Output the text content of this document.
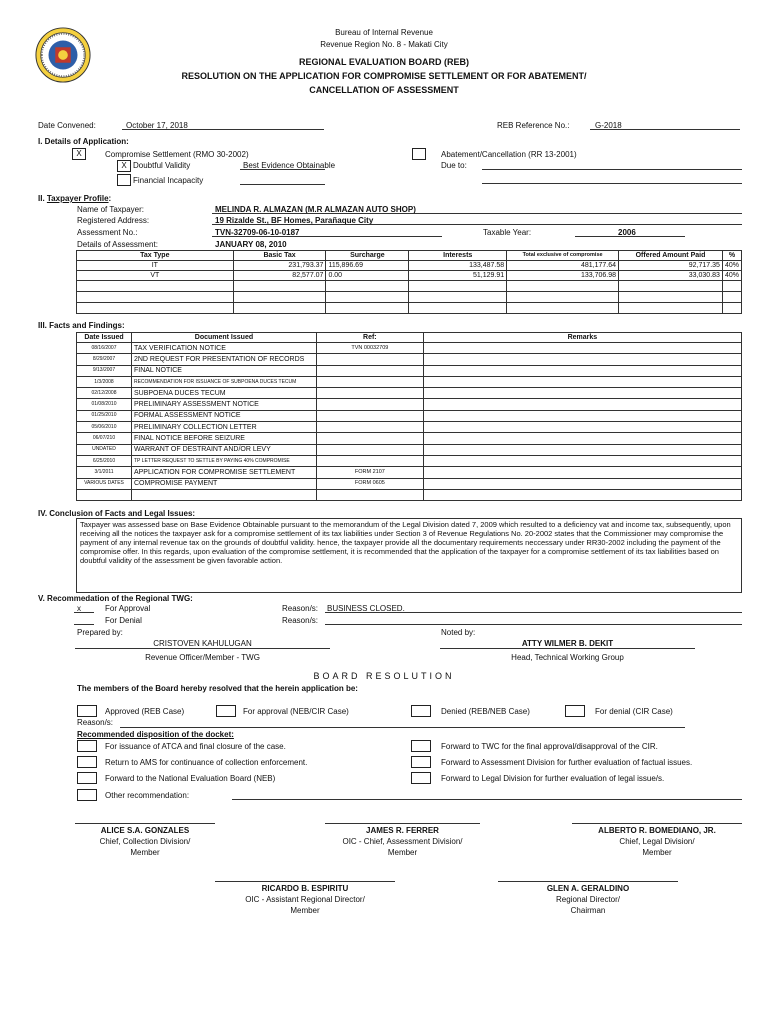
Bureau of Internal Revenue
Revenue Region No. 8 - Makati City
REGIONAL EVALUATION BOARD (REB)
RESOLUTION ON THE APPLICATION FOR COMPROMISE SETTLEMENT OR FOR ABATEMENT/
CANCELLATION OF ASSESSMENT
Date Convened:	October 17, 2018	REB Reference No.:	G-2018
I. Details of Application:
X	Compromise Settlement (RMO 30-2002)
X Doubtful Validity	Best Evidence Obtainable
Financial Incapacity
Abatement/Cancellation (RR 13-2001)
Due to:
II. Taxpayer Profile:
Name of Taxpayer:	MELINDA R. ALMAZAN (M.R ALMAZAN AUTO SHOP)
Registered Address:	19 Rizalde St., BF Homes, Parañaque City
Assessment No.:	TVN-32709-06-10-0187	Taxable Year:	2006
Details of Assessment:	JANUARY 08, 2010
Tax Type	Basic Tax	Surcharge	Interests	Total exclusive of compromise	Offered Amount Paid	%
IT	231,793.37	115,896.69	133,487.58	481,177.64	92,717.35	40%
VT	82,577.07	0.00	51,129.91	133,706.98	33,030.83	40%

III. Facts and Findings:
Date Issued	Document Issued	Ref:	Remarks
08/16/2007	TAX VERIFICATION NOTICE	TVN 00032709	
8/29/2007	2ND REQUEST FOR PRESENTATION OF RECORDS		
9/13/2007	FINAL NOTICE		
1/3/2008	RECOMMENDATION FOR ISSUANCE OF SUBPOENA DUCES TECUM		
02/12/2008	SUBPOENA DUCES TECUM		
01/08/2010	PRELIMINARY ASSESSMENT NOTICE		
01/25/2010	FORMAL ASSESSMENT NOTICE		
05/06/2010	PRELIMINARY COLLECTION LETTER		
06/07/210	FINAL NOTICE BEFORE SEIZURE		
UNDATED	WARRANT OF DESTRAINT AND/OR LEVY		
6/25/2010	TP LETTER REQUEST TO SETTLE BY PAYING 40% COMPROMISE		
3/1/2011	APPLICATION FOR COMPROMISE SETTLEMENT	FORM 2107	
VARIOUS DATES	COMPROMISE PAYMENT	FORM 0605	

IV. Conclusion of Facts and Legal Issues:
Taxpayer was assessed base on Base Evidence Obtainable pursuant to the memorandum of the Legal Division dated 7, 2009 which resulted to a deficiency vat and income tax, subsequently, upon receiving all the notices the taxpayer ask for a compromise settlement of its tax liabilities under Section 3 of Revenue Regulations No. 20-2002 states that the Commissioner may compromise the payment of any internal revenue tax on the grounds of doubtful validity. hence, the taxpayer provide all the documentary requirements neccessary under RR30-2002 including the payment of the compromise offer. In this regards, upon evaluation of the compromise settlement, it is recommended that the application of the taxpayer for a compromise settlement of its tax liabilities based on doubtful validity of the assessment be given favorable action.
V. Recommedation of the Regional TWG:
x	For Approval
For Denial
Reason/s: BUSINESS CLOSED.
Reason/s:
Prepared by:	Noted by:
CRISTOVEN KAHULUGAN
Revenue Officer/Member - TWG
ATTY WILMER B. DEKIT
Head, Technical Working Group
BOARD RESOLUTION
The members of the Board hereby resolved that the herein application be:
Approved (REB Case)	For approval (NEB/CIR Case)	Denied (REB/NEB Case)	For denial (CIR Case)
Reason/s:
Recommended disposition of the docket:
For issuance of ATCA and final closure of the case.
Return to AMS for continuance of collection enforcement.
Forward to the National Evaluation Board (NEB)
Other recommendation:
Forward to TWC for the final approval/disapproval of the CIR.
Forward to Assessment Division for further evaluation of factual issues.
Forward to Legal Division for further evaluation of legal issue/s.
ALICE S.A. GONZALES
Chief, Collection Division/
Member
JAMES R. FERRER
OIC - Chief, Assessment Division/
Member
ALBERTO R. BOMEDIANO, JR.
Chief, Legal Division/
Member
RICARDO B. ESPIRITU
OIC - Assistant Regional Director/
Member
GLEN A. GERALDINO
Regional Director/
Chairman
